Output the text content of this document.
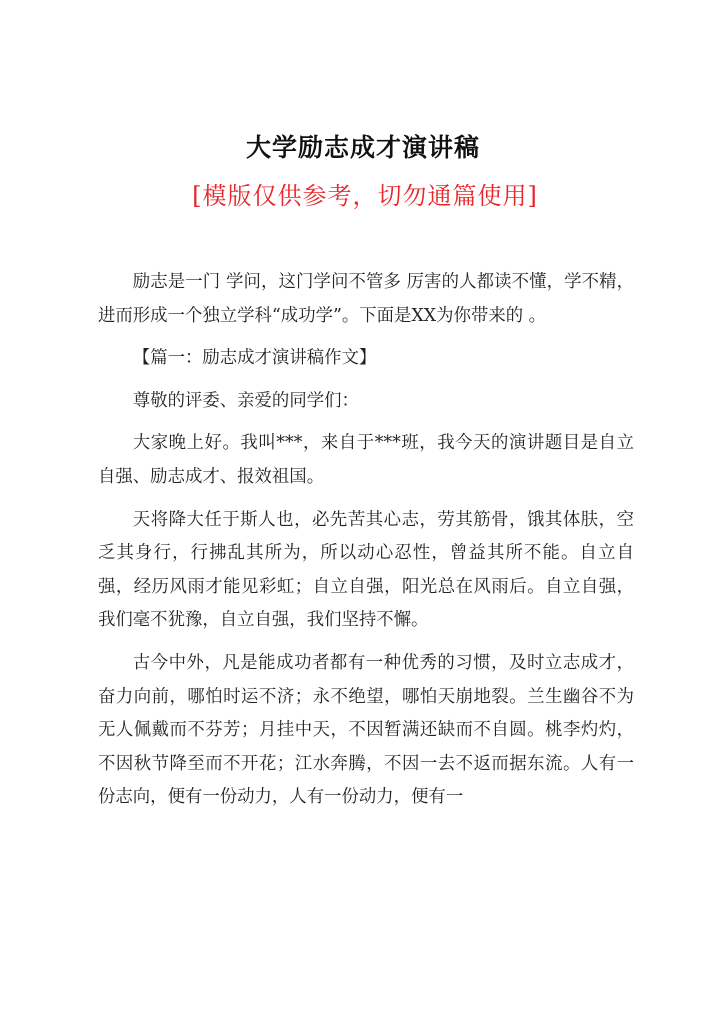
大学励志成才演讲稿
[模版仅供参考，切勿通篇使用]

励志是一门 学问，这门学问不管多 厉害的人都读不懂，学不精，进而形成一个独立学科“成功学”。下面是XX为你带来的 。

【篇一：励志成才演讲稿作文】

尊敬的评委、亲爱的同学们：

大家晚上好。我叫***，来自于***班，我今天的演讲题目是自立自强、励志成才、报效祖国。

天将降大任于斯人也，必先苦其心志，劳其筋骨，饿其体肤，空乏其身行，行拂乱其所为，所以动心忍性，曾益其所不能。自立自强，经历风雨才能见彩虹；自立自强，阳光总在风雨后。自立自强，我们毫不犹豫，自立自强，我们坚持不懈。

古今中外，凡是能成功者都有一种优秀的习惯，及时立志成才，奋力向前，哪怕时运不济；永不绝望，哪怕天崩地裂。兰生幽谷不为无人佩戴而不芬芳；月挂中天，不因暂满还缺而不自圆。桃李灼灼，不因秋节降至而不开花；江水奔腾，不因一去不返而据东流。人有一份志向，便有一份动力，人有一份动力，便有一
